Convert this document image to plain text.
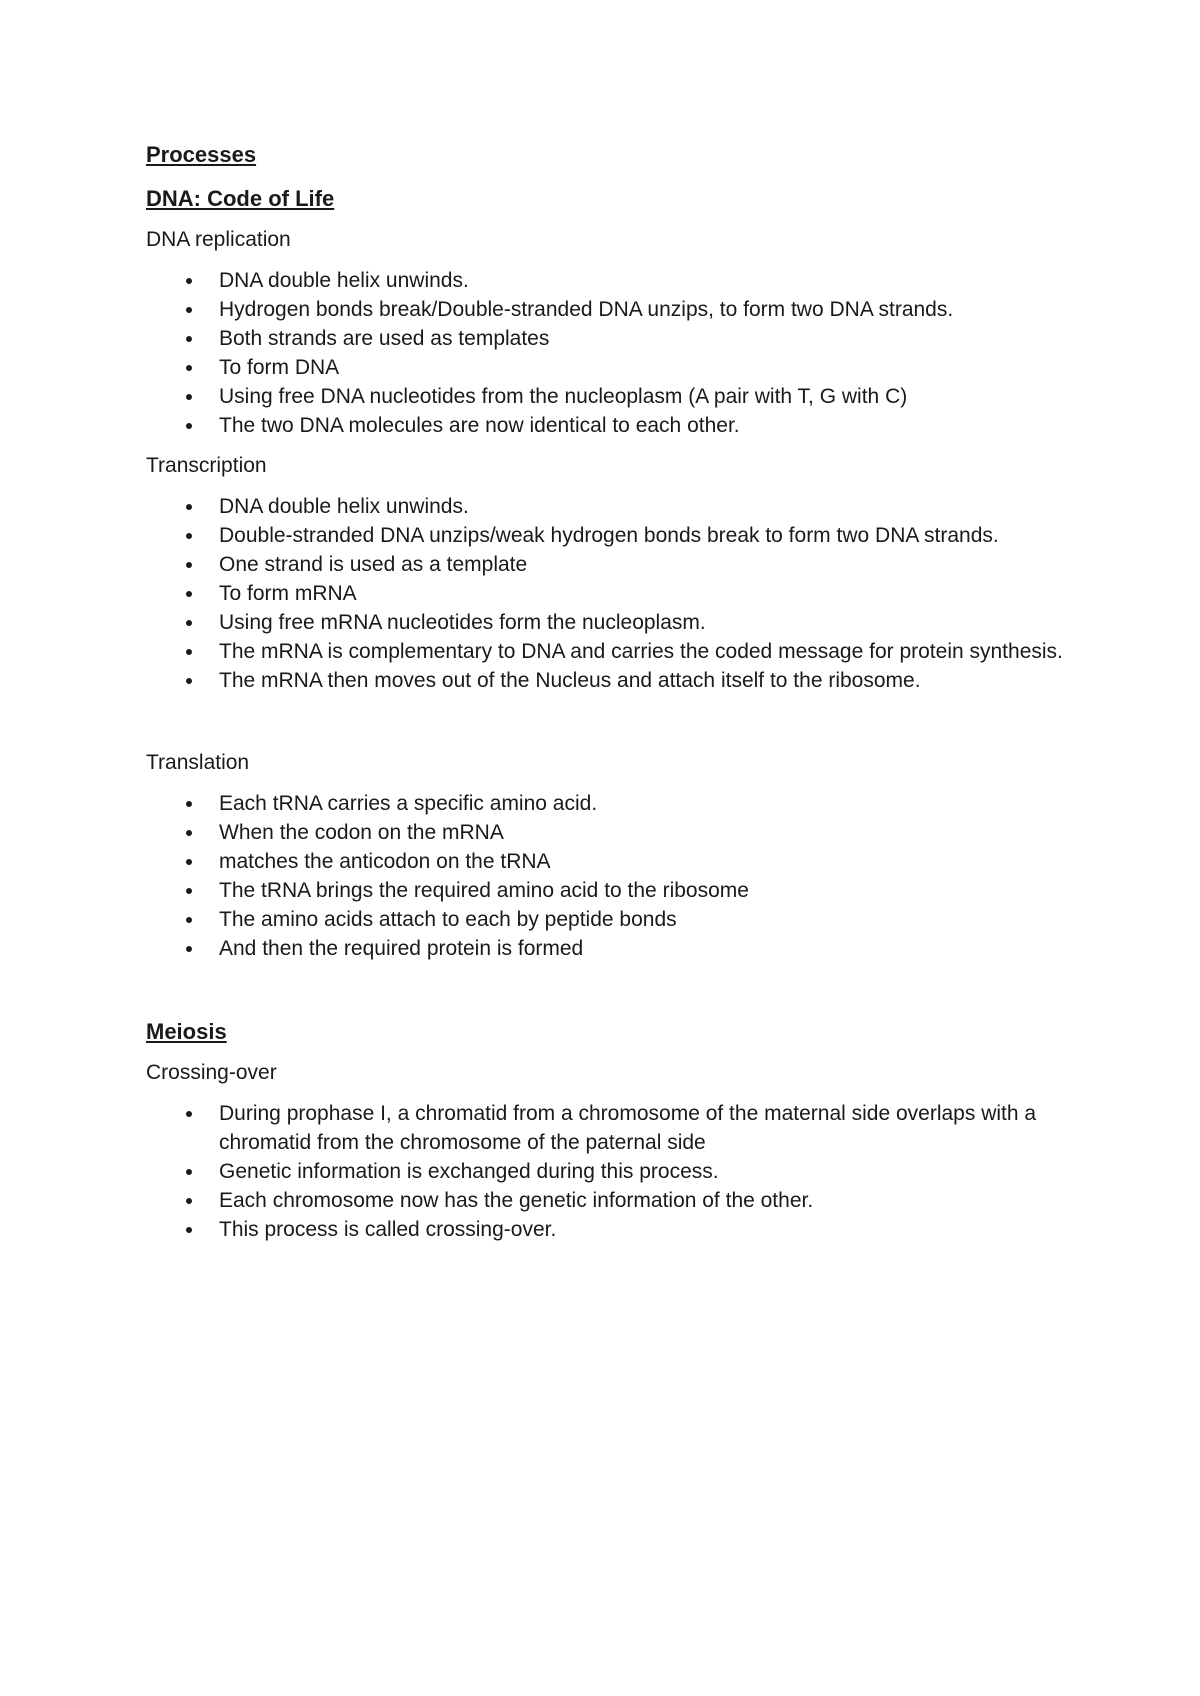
Processes
DNA: Code of Life

DNA replication

DNA double helix unwinds.
Hydrogen bonds break/Double-stranded DNA unzips, to form two DNA strands.
Both strands are used as templates
To form DNA
Using free DNA nucleotides from the nucleoplasm (A pair with T, G with C)
The two DNA molecules are now identical to each other.

Transcription

DNA double helix unwinds.
Double-stranded DNA unzips/weak hydrogen bonds break to form two DNA strands.
One strand is used as a template
To form mRNA
Using free mRNA nucleotides form the nucleoplasm.
The mRNA is complementary to DNA and carries the coded message for protein synthesis.
The mRNA then moves out of the Nucleus and attach itself to the ribosome.

Translation

Each tRNA carries a specific amino acid.
When the codon on the mRNA
matches the anticodon on the tRNA
The tRNA brings the required amino acid to the ribosome
The amino acids attach to each by peptide bonds
And then the required protein is formed
Meiosis

Crossing-over

During prophase I, a chromatid from a chromosome of the maternal side overlaps with a chromatid from the chromosome of the paternal side
Genetic information is exchanged during this process.
Each chromosome now has the genetic information of the other.
This process is called crossing-over.
